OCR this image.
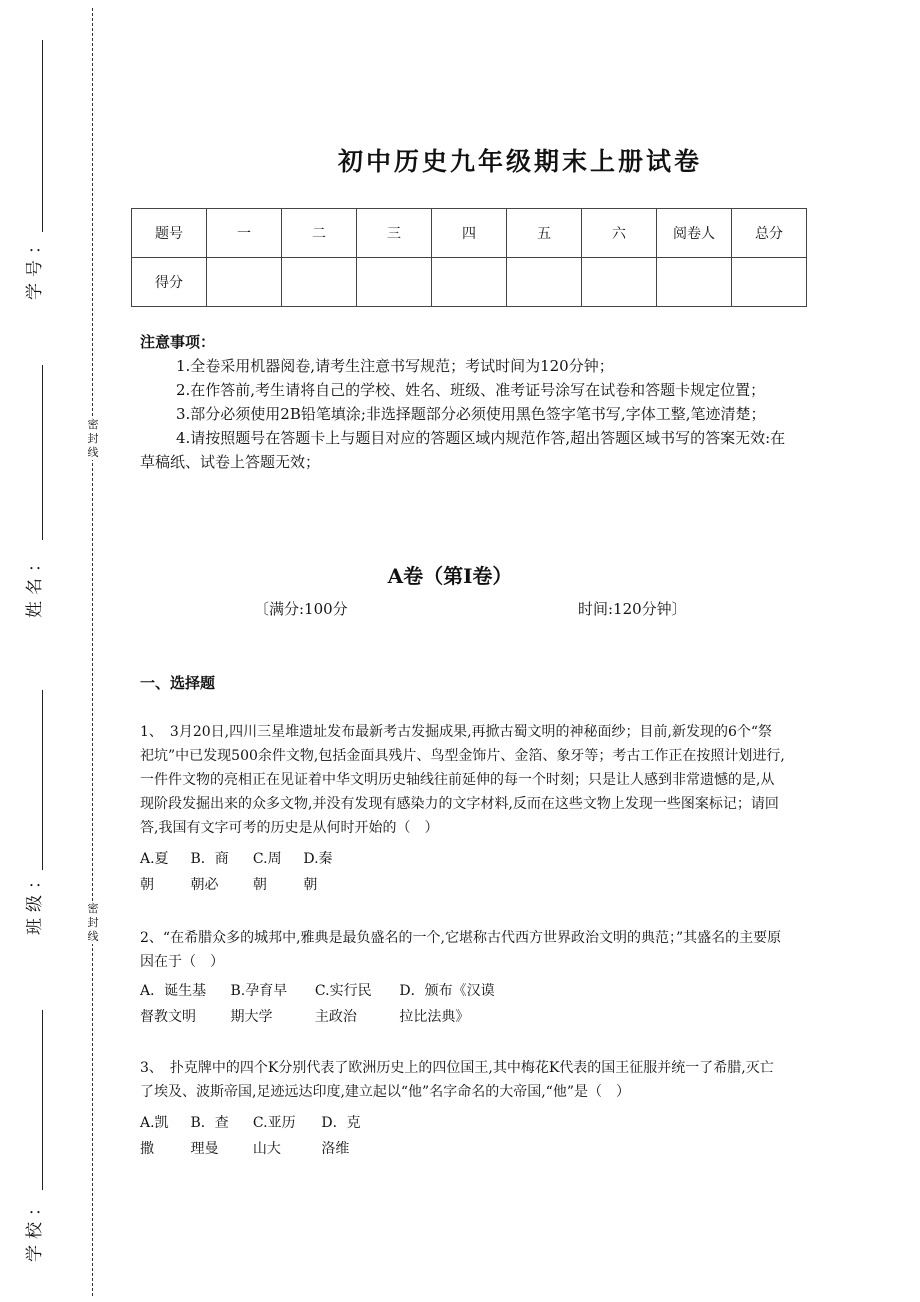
学号：
姓名：
班级：
学校：
密封线
密封线
初中历史九年级期末上册试卷
题号	一	二	三	四	五	六	阅卷人	总分
得分								
注意事项：

1.全卷采用机器阅卷,请考生注意书写规范；考试时间为120分钟；

2.在作答前,考生请将自己的学校、姓名、班级、准考证号涂写在试卷和答题卡规定位置；

3.部分必须使用2B铅笔填涂;非选择题部分必须使用黑色签字笔书写,字体工整,笔迹清楚；

4.请按照题号在答题卡上与题目对应的答题区域内规范作答,超出答题区域书写的答案无效:在草稿纸、试卷上答题无效；

A卷（第Ⅰ卷）
〔满分:100分	时间:120分钟〕
一、选择题
1、　3月20日,四川三星堆遗址发布最新考古发掘成果,再掀古蜀文明的神秘面纱；目前,新发现的6个“祭祀坑”中已发现500余件文物,包括金面具残片、鸟型金饰片、金箔、象牙等；考古工作正在按照计划进行,一件件文物的亮相正在见证着中华文明历史轴线往前延伸的每一个时刻；只是让人感到非常遗憾的是,从现阶段发掘出来的众多文物,并没有发现有感染力的文字材料,反而在这些文物上发现一些图案标记；请回答,我国有文字可考的历史是从何时开始的（　）
A.夏
朝

B．商
朝必

C.周
朝

D.秦
朝
2、“在希腊众多的城邦中,雅典是最负盛名的一个,它堪称古代西方世界政治文明的典范；”其盛名的主要原因在于（　）
A．诞生基
督教文明

B.孕育早
期大学

C.实行民
主政治

D．颁布《汉谟
拉比法典》
3、　扑克牌中的四个K分别代表了欧洲历史上的四位国王,其中梅花K代表的国王征服并统一了希腊,灭亡了埃及、波斯帝国,足迹远达印度,建立起以“他”名字命名的大帝国,“他”是（　）
A.凯
撒

B．查
理曼

C.亚历
山大

D．克
洛维
